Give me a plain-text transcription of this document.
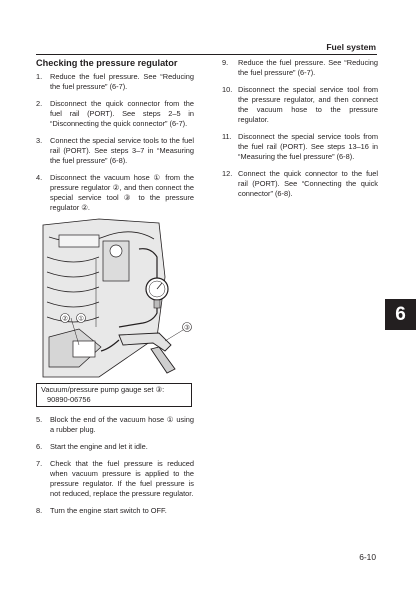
Fuel system
Checking the pressure regulator
1.	Reduce the fuel pressure. See “Reducing the fuel pressure” (6-7).
2.	Disconnect the quick connector from the fuel rail (PORT). See steps 2–5 in “Disconnecting the quick connector” (6-7).
3.	Connect the special service tools to the fuel rail (PORT). See steps 3–7 in “Measuring the fuel pressure” (6-8).
4.	Disconnect the vacuum hose ① from the pressure regulator ②, and then connect the special service tool ③ to the pressure regulator ②.
② ①
③
Vacuum/pressure pump gauge set ③:
90890-06756
5.	Block the end of the vacuum hose ① using a rubber plug.
6.	Start the engine and let it idle.
7.	Check that the fuel pressure is reduced when vacuum pressure is applied to the pressure regulator. If the fuel pressure is not reduced, replace the pressure regulator.
8.	Turn the engine start switch to OFF.
9.	Reduce the fuel pressure. See “Reducing the fuel pressure” (6-7).
10. Disconnect the special service tool from the pressure regulator, and then connect the vacuum hose to the pressure regulator.
11. Disconnect the special service tools from the fuel rail (PORT). See steps 13–16 in “Measuring the fuel pressure” (6-8).
12. Connect the quick connector to the fuel rail (PORT). See “Connecting the quick connector” (6-8).
6
6-10
